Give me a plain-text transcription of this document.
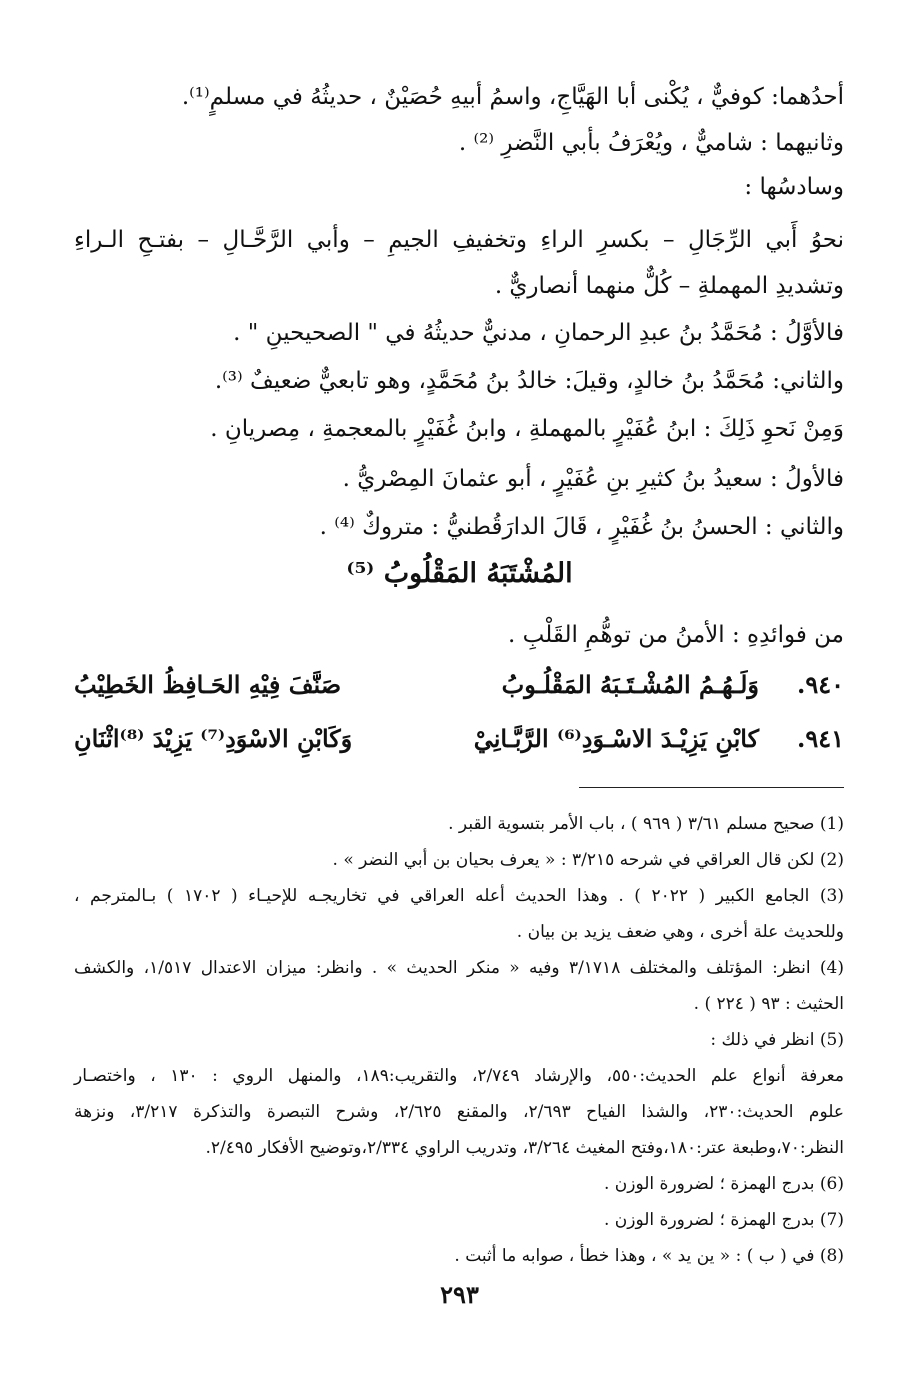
أحدُهما: كوفيٌّ ، يُكْنى أبا الهَيَّاجِ، واسمُ أبيهِ حُصَيْنٌ ، حديثُهُ في مسلمٍ⁽¹⁾.
وثانيهما : شاميٌّ ، ويُعْرَفُ بأبي النَّضرِ ⁽²⁾ .
وسادسُها :
نحوُ أَبي الرِّجَالِ – بكسرِ الراءِ وتخفيفِ الجيمِ – وأبي الرَّحَّـالِ – بفتـحِ الـراءِ
وتشديدِ المهملةِ – كُلٌّ منهما أنصاريٌّ .
فالأوَّلُ : مُحَمَّدُ بنُ عبدِ الرحمانِ ، مدنيٌّ حديثُهُ في " الصحيحينِ " .
والثاني: مُحَمَّدُ بنُ خالدٍ، وقيلَ: خالدُ بنُ مُحَمَّدٍ، وهو تابعيٌّ ضعيفٌ ⁽³⁾.
وَمِنْ نَحوِ ذَلِكَ : ابنُ عُفَيْرٍ بالمهملةِ ، وابنُ غُفَيْرٍ بالمعجمةِ ، مِصريانِ .
فالأولُ : سعيدُ بنُ كثيرِ بنِ عُفَيْرٍ ، أبو عثمانَ المِصْريُّ .
والثاني : الحسنُ بنُ غُفَيْرٍ ، قَالَ الدارَقُطنيُّ : متروكٌ ⁽⁴⁾ .
المُشْتَبَهُ المَقْلُوبُ ⁽⁵⁾
من فوائدِهِ : الأمنُ من توهُّمِ القَلْبِ .
٩٤٠.
وَلَـهُـمُ المُشْـتَـبَهُ المَقْلُـوبُ
صَنَّفَ فِيْهِ الحَـافِظُ الخَطِيْبُ
٩٤١.
كابْنِ يَزِيْـدَ الاسْـوَدِ⁽⁶⁾ الرَّبَّـانِيْ
وَكَابْنِ الاسْوَدِ⁽⁷⁾ يَزِيْدَ ⁽⁸⁾اثْنَانِ
(1) صحيح مسلم ٣/٦١ ( ٩٦٩ ) ، باب الأمر بتسوية القبر .
(2) لكن قال العراقي في شرحه ٣/٢١٥ : « يعرف بحيان بن أبي النضر » .
(3) الجامع الكبير ( ٢٠٢٢ ) . وهذا الحديث أعله العراقي في تخاريجـه للإحيـاء ( ١٧٠٢ ) بـالمترجم ،
وللحديث علة أخرى ، وهي ضعف يزيد بن بيان .
(4) انظر: المؤتلف والمختلف ٣/١٧١٨ وفيه « منكر الحديث » . وانظر: ميزان الاعتدال ١/٥١٧، والكشف
الحثيث : ٩٣ ( ٢٢٤ ) .
(5) انظر في ذلك :
معرفة أنواع علم الحديث:٥٥٠، والإرشاد ٢/٧٤٩، والتقريب:١٨٩، والمنهل الروي : ١٣٠ ، واختصـار
علوم الحديث:٢٣٠، والشذا الفياح ٢/٦٩٣، والمقنع ٢/٦٢٥، وشرح التبصرة والتذكرة ٣/٢١٧، ونزهة
النظر:٧٠،وطبعة عتر:١٨٠،وفتح المغيث ٣/٢٦٤، وتدريب الراوي ٢/٣٣٤،وتوضيح الأفكار ٢/٤٩٥.
(6) بدرج الهمزة ؛ لضرورة الوزن .
(7) بدرج الهمزة ؛ لضرورة الوزن .
(8) في ( ب ) : « ين يد » ، وهذا خطأ ، صوابه ما أثبت .
٢٩٣
